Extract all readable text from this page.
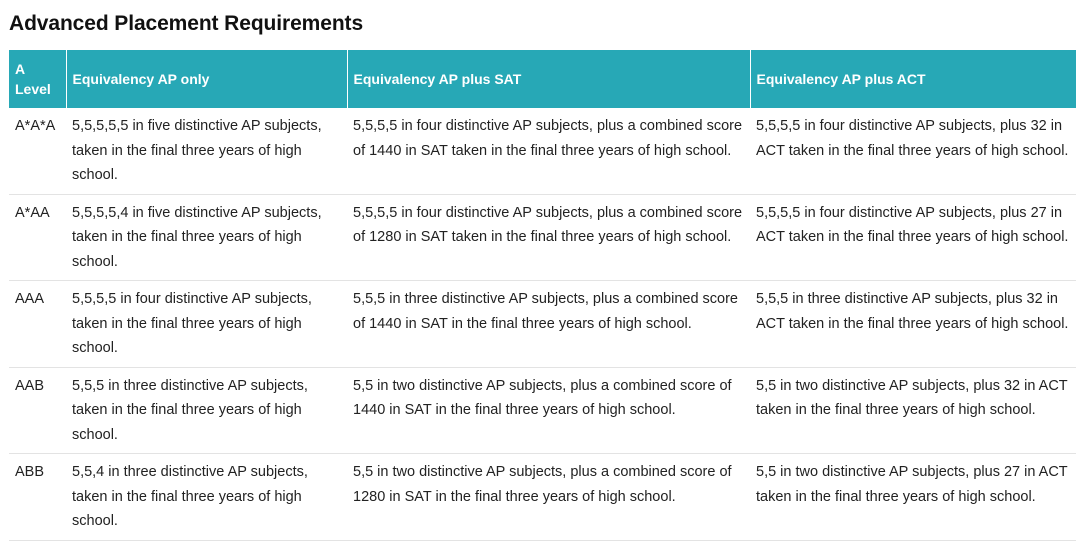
Advanced Placement Requirements
A Level	Equivalency AP only	Equivalency AP plus SAT	Equivalency AP plus ACT
A*A*A	5,5,5,5,5 in five distinctive AP subjects, taken in the final three years of high school.	5,5,5,5 in four distinctive AP subjects, plus a combined score of 1440 in SAT taken in the final three years of high school.	5,5,5,5 in four distinctive AP subjects, plus 32 in ACT taken in the final three years of high school.
A*AA	5,5,5,5,4 in five distinctive AP subjects, taken in the final three years of high school.	5,5,5,5 in four distinctive AP subjects, plus a combined score of 1280 in SAT taken in the final three years of high school.	5,5,5,5 in four distinctive AP subjects, plus 27 in ACT taken in the final three years of high school.
AAA	5,5,5,5 in four distinctive AP subjects, taken in the final three years of high school.	5,5,5 in three distinctive AP subjects, plus a combined score of 1440 in SAT in the final three years of high school.	5,5,5 in three distinctive AP subjects, plus 32 in ACT taken in the final three years of high school.
AAB	5,5,5 in three distinctive AP subjects, taken in the final three years of high school.	5,5 in two distinctive AP subjects, plus a combined score of 1440 in SAT in the final three years of high school.	5,5 in two distinctive AP subjects, plus 32 in ACT taken in the final three years of high school.
ABB	5,5,4 in three distinctive AP subjects, taken in the final three years of high school.	5,5 in two distinctive AP subjects, plus a combined score of 1280 in SAT in the final three years of high school.	5,5 in two distinctive AP subjects, plus 27 in ACT taken in the final three years of high school.
